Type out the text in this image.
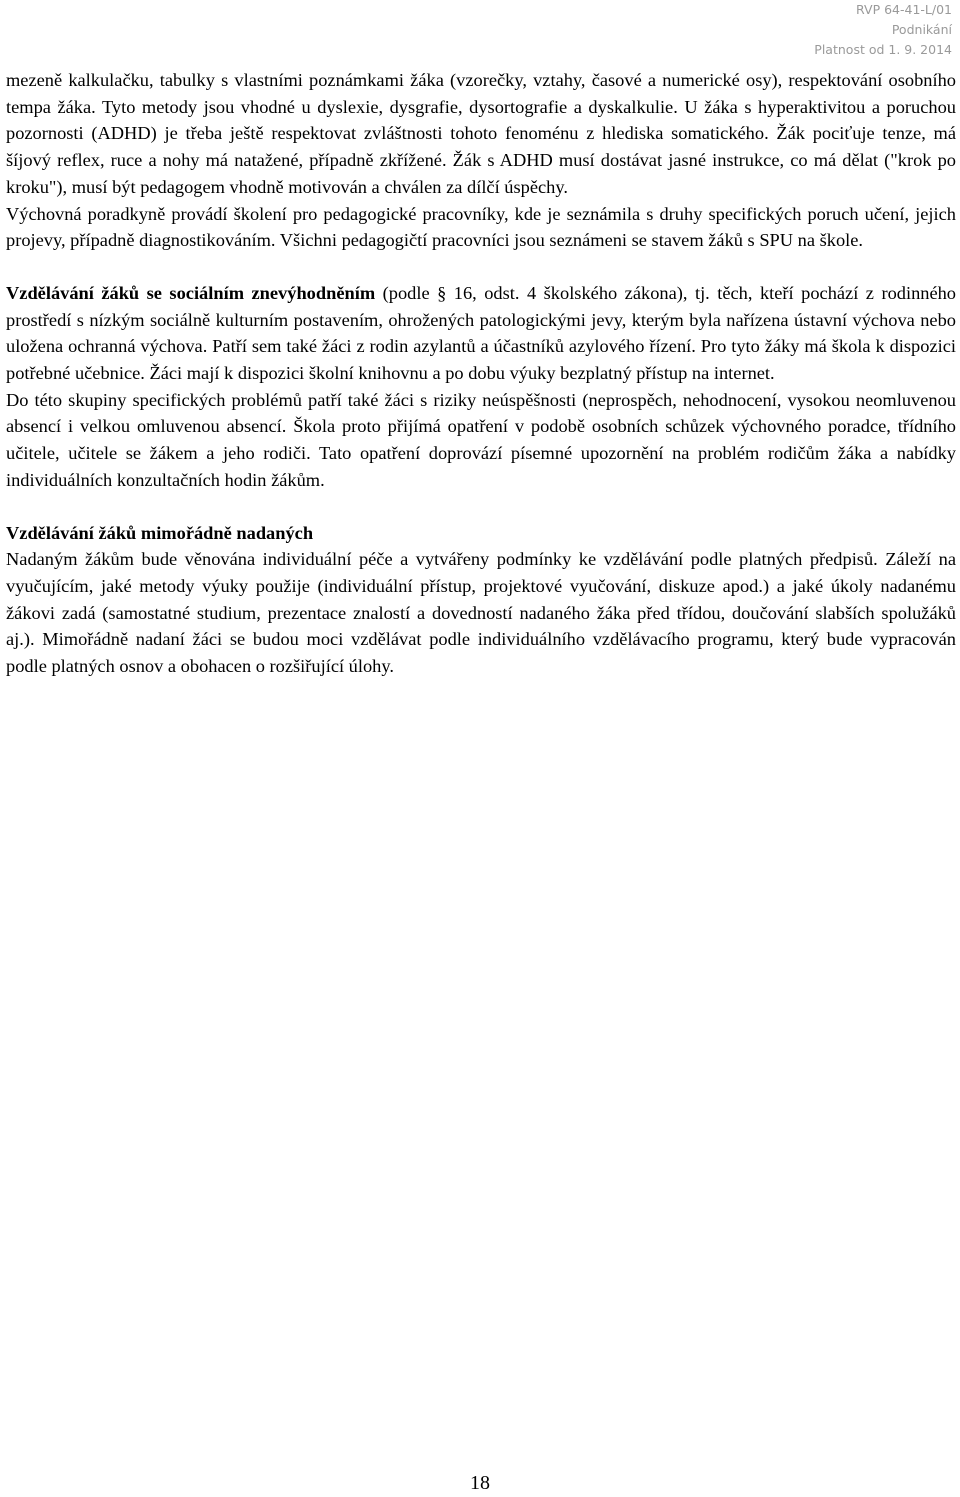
RVP 64-41-L/01
Podnikání
Platnost od 1. 9. 2014

mezeně kalkulačku, tabulky s vlastními poznámkami žáka (vzorečky, vztahy, časové a numerické osy), respektování osobního tempa žáka. Tyto metody jsou vhodné u dyslexie, dysgrafie, dysortografie a dyskalkulie. U žáka s hyperaktivitou a poruchou pozornosti (ADHD) je třeba ještě respektovat zvláštnosti tohoto fenoménu z hlediska somatického. Žák pociťuje tenze, má šíjový reflex, ruce a nohy má natažené, případně zkřížené. Žák s ADHD musí dostávat jasné instrukce, co má dělat ("krok po kroku"), musí být pedagogem vhodně motivován a chválen za dílčí úspěchy.

Výchovná poradkyně provádí školení pro pedagogické pracovníky, kde je seznámila s druhy specifických poruch učení, jejich projevy, případně diagnostikováním. Všichni pedagogičtí pracovníci jsou seznámeni se stavem žáků s SPU na škole.

Vzdělávání žáků se sociálním znevýhodněním (podle § 16, odst. 4 školského zákona), tj. těch, kteří pochází z rodinného prostředí s nízkým sociálně kulturním postavením, ohrožených patologickými jevy, kterým byla nařízena ústavní výchova nebo uložena ochranná výchova. Patří sem také žáci z rodin azylantů a účastníků azylového řízení. Pro tyto žáky má škola k dispozici potřebné učebnice. Žáci mají k dispozici školní knihovnu a po dobu výuky bezplatný přístup na internet.

Do této skupiny specifických problémů patří také žáci s riziky neúspěšnosti (neprospěch, nehodnocení, vysokou neomluvenou absencí i velkou omluvenou absencí. Škola proto přijímá opatření v podobě osobních schůzek výchovného poradce, třídního učitele, učitele se žákem a jeho rodiči. Tato opatření doprovází písemné upozornění na problém rodičům žáka a nabídky individuálních konzultačních hodin žákům.

Vzdělávání žáků mimořádně nadaných

Nadaným žákům bude věnována individuální péče a vytvářeny podmínky ke vzdělávání podle platných předpisů. Záleží na vyučujícím, jaké metody výuky použije (individuální přístup, projektové vyučování, diskuze apod.) a jaké úkoly nadanému žákovi zadá (samostatné studium, prezentace znalostí a dovedností nadaného žáka před třídou, doučování slabších spolužáků aj.). Mimořádně nadaní žáci se budou moci vzdělávat podle individuálního vzdělávacího programu, který bude vypracován podle platných osnov a obohacen o rozšiřující úlohy.

18
